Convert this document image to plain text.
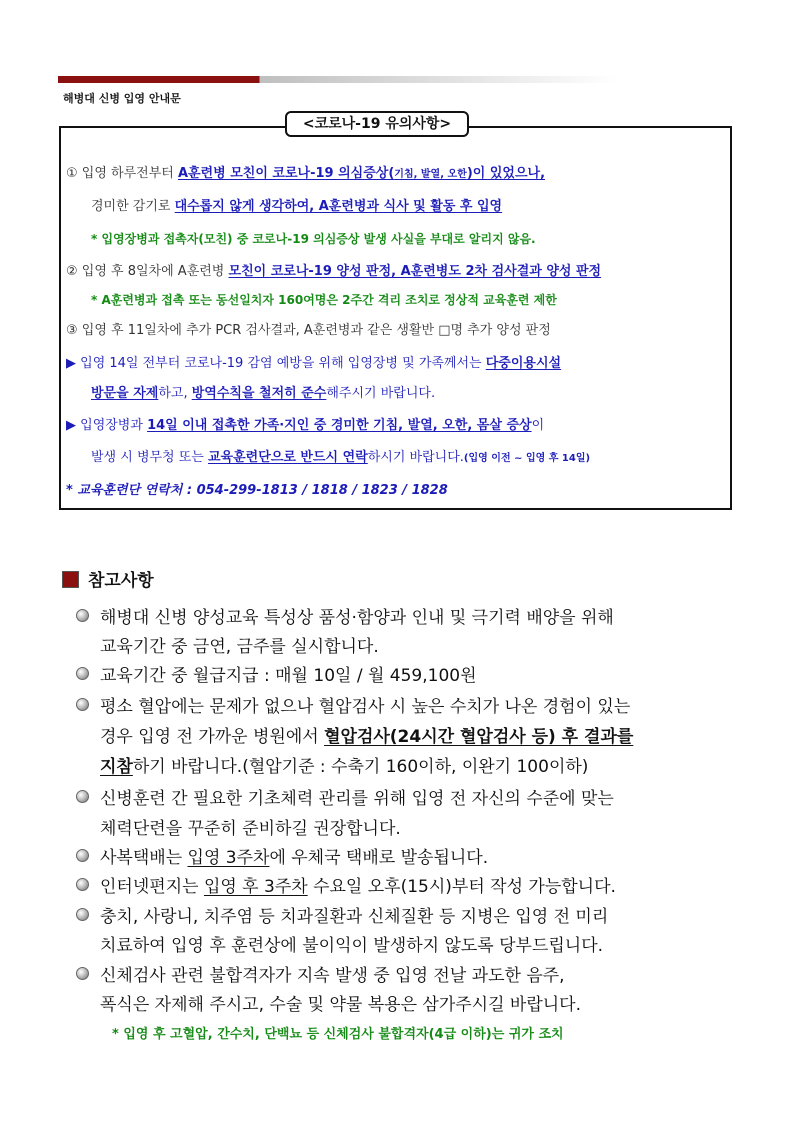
해병대 신병 입영 안내문
<코로나-19 유의사항>
① 입영 하루전부터 A훈련병 모친이 코로나-19 의심증상(기침, 발열, 오한)이 있었으나,
경미한 감기로 대수롭지 않게 생각하여, A훈련병과 식사 및 활동 후 입영
* 입영장병과 접촉자(모친) 중 코로나-19 의심증상 발생 사실을 부대로 알리지 않음.
② 입영 후 8일차에 A훈련병 모친이 코로나-19 양성 판정, A훈련병도 2차 검사결과 양성 판정
* A훈련병과 접촉 또는 동선일치자 160여명은 2주간 격리 조치로 정상적 교육훈련 제한
③ 입영 후 11일차에 추가 PCR 검사결과, A훈련병과 같은 생활반 □명 추가 양성 판정
▶ 입영 14일 전부터 코로나-19 감염 예방을 위해 입영장병 및 가족께서는 다중이용시설
방문을 자제하고, 방역수칙을 철저히 준수해주시기 바랍니다.
▶ 입영장병과 14일 이내 접촉한 가족·지인 중 경미한 기침, 발열, 오한, 몸살 증상이
발생 시 병무청 또는 교육훈련단으로 반드시 연락하시기 바랍니다.(입영 이전 ~ 입영 후 14일)
* 교육훈련단 연락처 : 054-299-1813 / 1818 / 1823 / 1828
참고사항
해병대 신병 양성교육 특성상 품성·함양과 인내 및 극기력 배양을 위해
교육기간 중 금연, 금주를 실시합니다.
교육기간 중 월급지급 : 매월 10일 / 월 459,100원
평소 혈압에는 문제가 없으나 혈압검사 시 높은 수치가 나온 경험이 있는
경우 입영 전 가까운 병원에서 혈압검사(24시간 혈압검사 등) 후 결과를
지참하기 바랍니다.(혈압기준 : 수축기 160이하, 이완기 100이하)
신병훈련 간 필요한 기초체력 관리를 위해 입영 전 자신의 수준에 맞는
체력단련을 꾸준히 준비하길 권장합니다.
사복택배는 입영 3주차에 우체국 택배로 발송됩니다.
인터넷편지는 입영 후 3주차 수요일 오후(15시)부터 작성 가능합니다.
충치, 사랑니, 치주염 등 치과질환과 신체질환 등 지병은 입영 전 미리
치료하여 입영 후 훈련상에 불이익이 발생하지 않도록 당부드립니다.
신체검사 관련 불합격자가 지속 발생 중 입영 전날 과도한 음주,
폭식은 자제해 주시고, 수술 및 약물 복용은 삼가주시길 바랍니다.
* 입영 후 고혈압, 간수치, 단백뇨 등 신체검사 불합격자(4급 이하)는 귀가 조치
